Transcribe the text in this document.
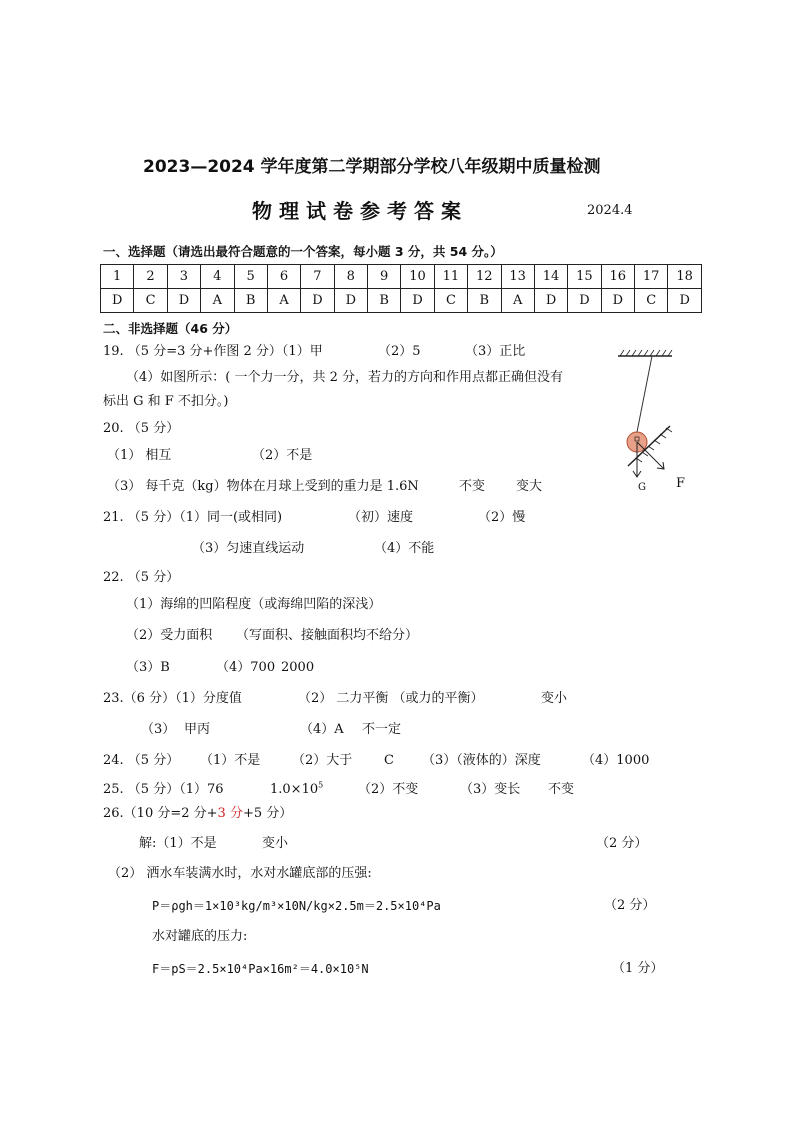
2023—2024 学年度第二学期部分学校八年级期中质量检测
物理试卷参考答案	2024.4
一、选择题（请选出最符合题意的一个答案，每小题 3 分，共 54 分。）
1	2	3	4	5	6	7	8	9	10	11	12	13	14	15	16	17	18
D	C	D	A	B	A	D	D	B	D	C	B	A	D	D	D	C	D
二、非选择题（46 分）
19. （5 分=3 分+作图 2 分）（1）甲	（2）5	（3）正比
（4）如图所示：( 一个力一分，共 2 分，若力的方向和作用点都正确但没有
标出 G 和 F 不扣分。)
G F
20. （5 分）
（1） 相互	（2）不是
（3） 每千克（kg）物体在月球上受到的重力是 1.6N	不变 变大
21. （5 分）（1）同一(或相同)	（初）速度	（2）慢
（3）匀速直线运动	（4）不能
22. （5 分）
（1）海绵的凹陷程度（或海绵凹陷的深浅）
（2）受力面积 （写面积、接触面积均不给分）
（3）B	（4）700 2000
23.（6 分）（1）分度值	（2） 二力平衡 （或力的平衡）	变小
（3） 甲丙	（4）A 不一定
24. （5 分） （1）不是 （2）大于 C （3）（液体的）深度	（4）1000
25. （5 分）（1）76	$1.0\times 10^5$	（2）不变	（3）变长 不变
26.（10 分=2 分+3 分+5 分）
解:（1）不是	变小	（2 分）
（2） 洒水车装满水时，水对水罐底部的压强:
P＝ρgh＝1×10³kg/m³×10N/kg×2.5m＝2.5×10⁴Pa	（2 分）
水对罐底的压力:
F＝pS＝2.5×10⁴Pa×16m²＝4.0×10⁵N	（1 分）
